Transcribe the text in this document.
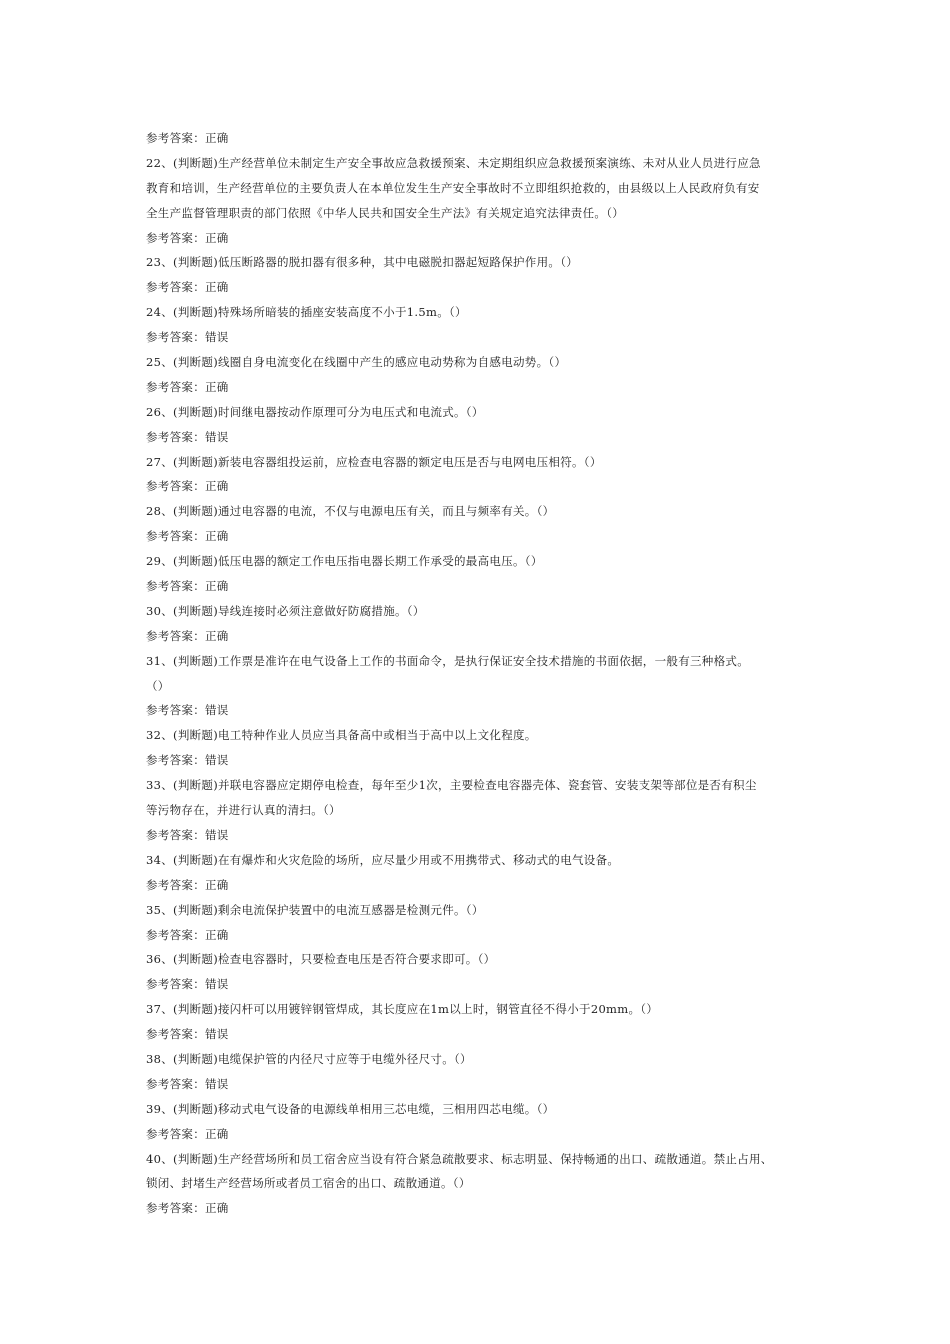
参考答案：正确
22、(判断题)生产经营单位未制定生产安全事故应急救援预案、未定期组织应急救援预案演练、未对从业人员进行应急
教育和培训，生产经营单位的主要负责人在本单位发生生产安全事故时不立即组织抢救的，由县级以上人民政府负有安
全生产监督管理职责的部门依照《中华人民共和国安全生产法》有关规定追究法律责任。（）
参考答案：正确
23、(判断题)低压断路器的脱扣器有很多种，其中电磁脱扣器起短路保护作用。（）
参考答案：正确
24、(判断题)特殊场所暗装的插座安装高度不小于1.5m。（）
参考答案：错误
25、(判断题)线圈自身电流变化在线圈中产生的感应电动势称为自感电动势。（）
参考答案：正确
26、(判断题)时间继电器按动作原理可分为电压式和电流式。（）
参考答案：错误
27、(判断题)新装电容器组投运前，应检查电容器的额定电压是否与电网电压相符。（）
参考答案：正确
28、(判断题)通过电容器的电流，不仅与电源电压有关，而且与频率有关。（）
参考答案：正确
29、(判断题)低压电器的额定工作电压指电器长期工作承受的最高电压。（）
参考答案：正确
30、(判断题)导线连接时必须注意做好防腐措施。（）
参考答案：正确
31、(判断题)工作票是准许在电气设备上工作的书面命令，是执行保证安全技术措施的书面依据，一般有三种格式。
（）
参考答案：错误
32、(判断题)电工特种作业人员应当具备高中或相当于高中以上文化程度。
参考答案：错误
33、(判断题)并联电容器应定期停电检查，每年至少1次，主要检查电容器壳体、瓷套管、安装支架等部位是否有积尘
等污物存在，并进行认真的清扫。（）
参考答案：错误
34、(判断题)在有爆炸和火灾危险的场所，应尽量少用或不用携带式、移动式的电气设备。
参考答案：正确
35、(判断题)剩余电流保护装置中的电流互感器是检测元件。（）
参考答案：正确
36、(判断题)检查电容器时，只要检查电压是否符合要求即可。（）
参考答案：错误
37、(判断题)接闪杆可以用镀锌钢管焊成，其长度应在1m以上时，钢管直径不得小于20mm。（）
参考答案：错误
38、(判断题)电缆保护管的内径尺寸应等于电缆外径尺寸。（）
参考答案：错误
39、(判断题)移动式电气设备的电源线单相用三芯电缆，三相用四芯电缆。（）
参考答案：正确
40、(判断题)生产经营场所和员工宿舍应当设有符合紧急疏散要求、标志明显、保持畅通的出口、疏散通道。禁止占用、
锁闭、封堵生产经营场所或者员工宿舍的出口、疏散通道。（）
参考答案：正确
